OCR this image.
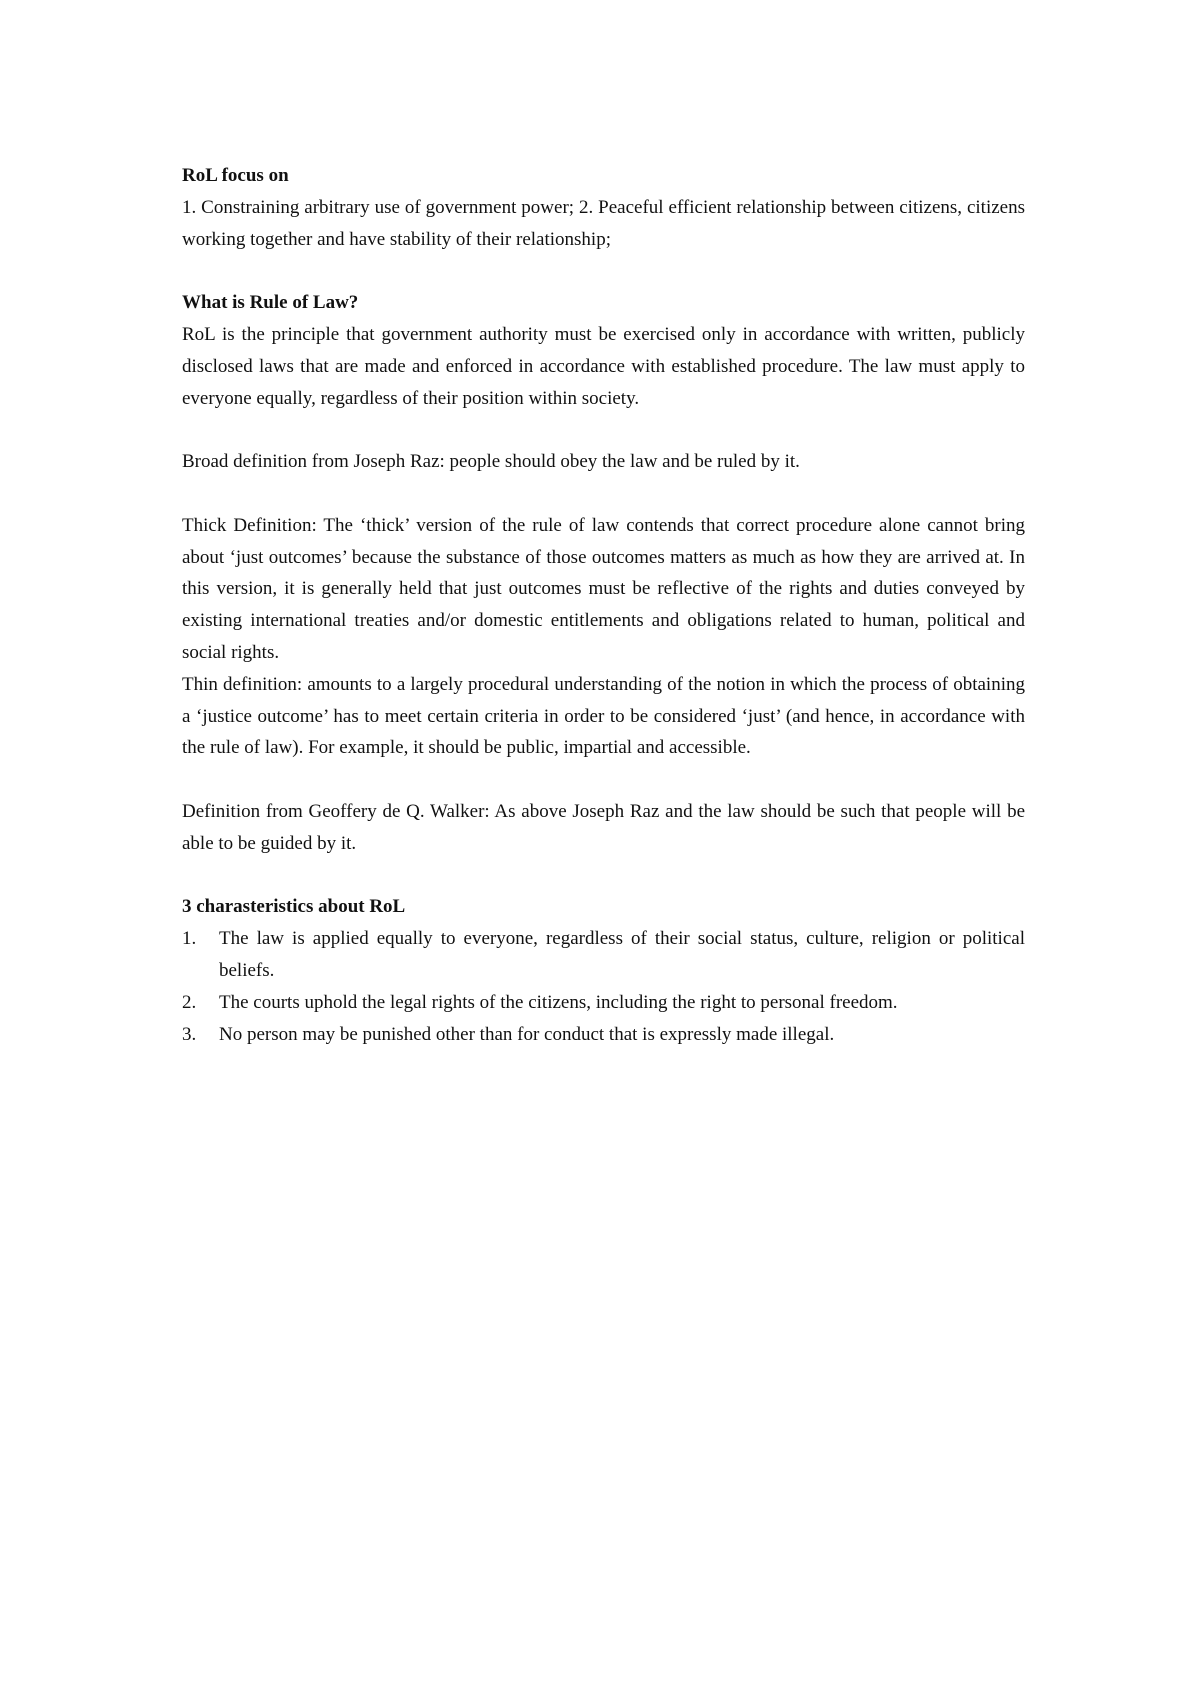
RoL focus on

1. Constraining arbitrary use of government power; 2. Peaceful efficient relationship between citizens, citizens working together and have stability of their relationship;

What is Rule of Law?

RoL is the principle that government authority must be exercised only in accordance with written, publicly disclosed laws that are made and enforced in accordance with established procedure. The law must apply to everyone equally, regardless of their position within society.

Broad definition from Joseph Raz: people should obey the law and be ruled by it.

Thick Definition: The ‘thick’ version of the rule of law contends that correct procedure alone cannot bring about ‘just outcomes’ because the substance of those outcomes matters as much as how they are arrived at. In this version, it is generally held that just outcomes must be reflective of the rights and duties conveyed by existing international treaties and/or domestic entitlements and obligations related to human, political and social rights.

Thin definition: amounts to a largely procedural understanding of the notion in which the process of obtaining a ‘justice outcome’ has to meet certain criteria in order to be considered ‘just’ (and hence, in accordance with the rule of law). For example, it should be public, impartial and accessible.

Definition from Geoffery de Q. Walker: As above Joseph Raz and the law should be such that people will be able to be guided by it.

3 charasteristics about RoL

1. The law is applied equally to everyone, regardless of their social status, culture, religion or political beliefs.
2. The courts uphold the legal rights of the citizens, including the right to personal freedom.
3. No person may be punished other than for conduct that is expressly made illegal.
